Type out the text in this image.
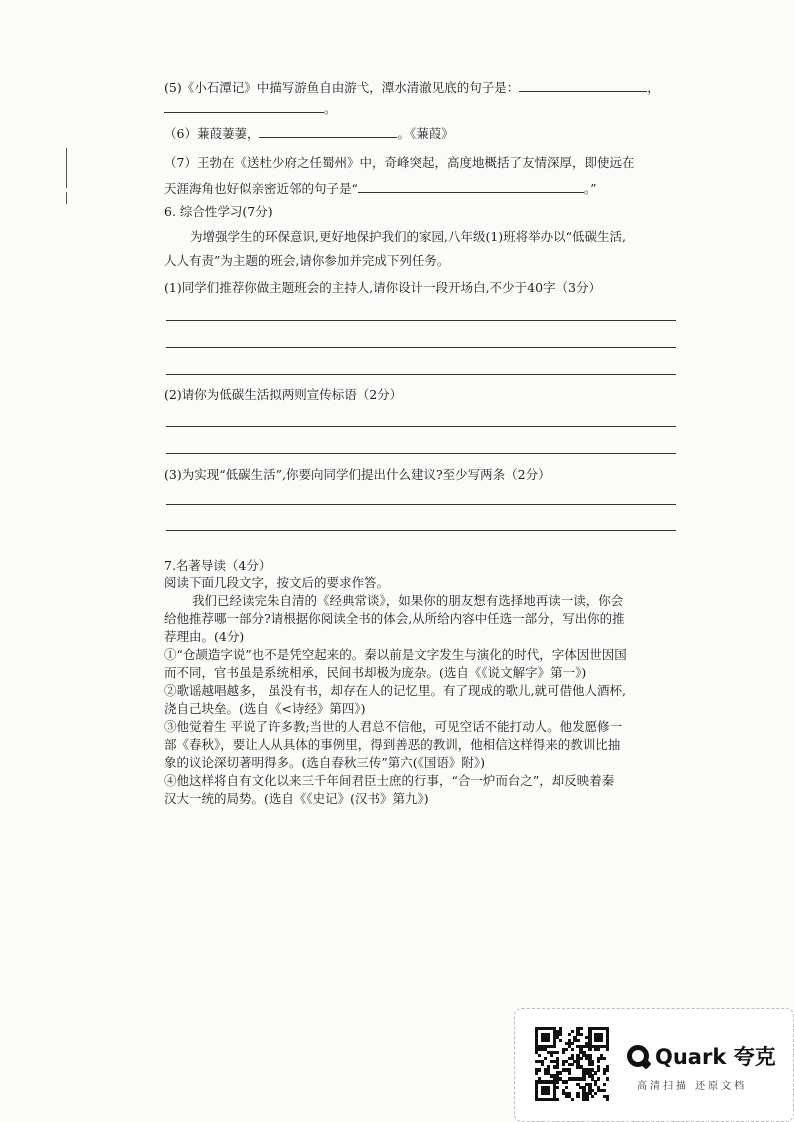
(5)《小石潭记》中描写游鱼自由游弋，潭水清澈见底的句子是：	，
。
（6）蒹葭萋萋，	。《蒹葭》
（7）王勃在《送杜少府之任蜀州》中，奇峰突起，高度地概括了友情深厚，即使远在
天涯海角也好似亲密近邻的句子是“	。”
6. 综合性学习(7分)
为增强学生的环保意识,更好地保护我们的家园,八年级(1)班将举办以“低碳生活,
人人有责”为主题的班会,请你参加并完成下列任务。
(1)同学们推荐你做主题班会的主持人,请你设计一段开场白,不少于40字（3分）
(2)请你为低碳生活拟两则宣传标语（2分）
(3)为实现“低碳生活”,你要向同学们提出什么建议?至少写两条（2分）
7.名著导读（4分）
阅读下面几段文字，按文后的要求作答。
我们已经读完朱自清的《经典常谈》，如果你的朋友想有选择地再读一读，你会
给他推荐哪一部分?请根据你阅读全书的体会,从所给内容中任选一部分，写出你的推
荐理由。(4分)
①“仓颉造字说”也不是凭空起来的。秦以前是文字发生与演化的时代，字体因世因国
而不同，官书虽是系统相承，民间书却极为庞杂。(选自《《说文解字》第一》)
②歌谣越唱越多， 虽没有书，却存在人的记忆里。有了现成的歌儿,就可借他人酒杯,
浇自己块垒。(选自《<诗经》第四》)
③他觉着生 平说了许多教;当世的人君总不信他，可见空话不能打动人。他发愿修一
部《春秋》，要让人从具体的事例里，得到善恶的教训，他相信这样得来的教训比抽
象的议论深切著明得多。(选自春秋三传”第六(《国语》附》)
④他这样将自有文化以来三千年间君臣士庶的行事，“合一炉而台之”，却反映着秦
汉大一统的局势。(选自《《史记》(汉书》第九》)
Quark 夸克
高清扫描 还原文档
